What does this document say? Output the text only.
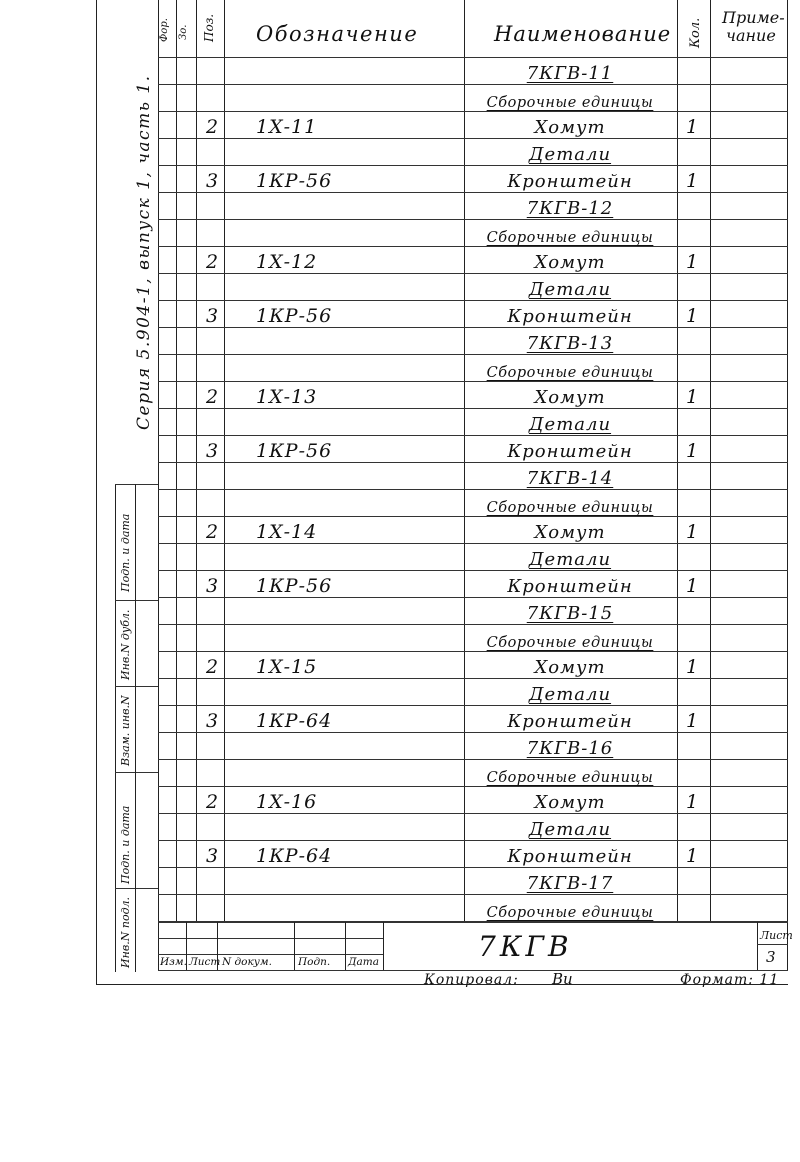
Фор. Зо. Поз. Обозначение	Наименование Кол.
Приме-
чание
Серия 5.904-1, выпуск 1, часть 1.
7КГВ-11
Сборочные единицы
2	1Х-11	Хомут	1
Детали
3	1КР-56	Кронштейн	1
7КГВ-12
Сборочные единицы
2	1Х-12	Хомут	1
Детали
3	1КР-56	Кронштейн	1
7КГВ-13
Сборочные единицы
2	1Х-13	Хомут	1
Детали
3	1КР-56	Кронштейн	1
7КГВ-14
Сборочные единицы
2	1Х-14	Хомут	1
Детали
3	1КР-56	Кронштейн	1
7КГВ-15
Сборочные единицы
2	1Х-15	Хомут	1
Детали
3	1КР-64	Кронштейн	1
7КГВ-16
Сборочные единицы
2	1Х-16	Хомут	1
Детали
3	1КР-64	Кронштейн	1
7КГВ-17
Сборочные единицы
Подп. и дата
Инв.N дубл.
Взам. инв.N
Подп. и дата
Инв.N подл.	Изм. Лист N докум. Подп. Дата	7КГВ	Лист
3
Копировал: Bu	Формат: 11
